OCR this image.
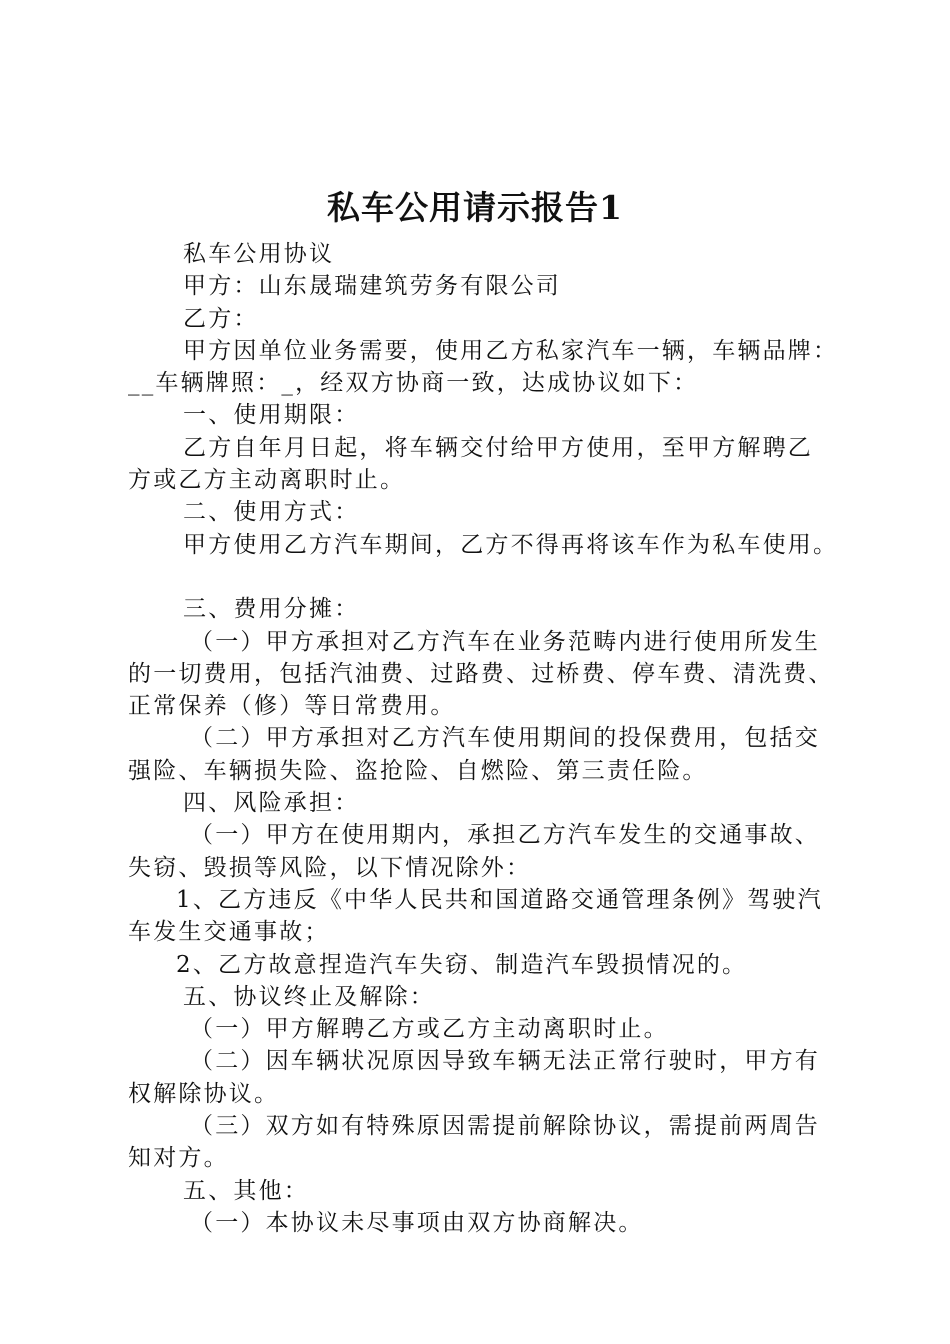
私车公用请示报告1

私车公用协议

甲方：山东晟瑞建筑劳务有限公司

乙方：

甲方因单位业务需要，使用乙方私家汽车一辆，车辆品牌：

__车辆牌照：_，经双方协商一致，达成协议如下：

一、使用期限：

乙方自年月日起，将车辆交付给甲方使用，至甲方解聘乙

方或乙方主动离职时止。

二、使用方式：

甲方使用乙方汽车期间，乙方不得再将该车作为私车使用。

三、费用分摊：

（一）甲方承担对乙方汽车在业务范畴内进行使用所发生

的一切费用，包括汽油费、过路费、过桥费、停车费、清洗费、

正常保养（修）等日常费用。

（二）甲方承担对乙方汽车使用期间的投保费用，包括交

强险、车辆损失险、盗抢险、自燃险、第三责任险。

四、风险承担：

（一）甲方在使用期内，承担乙方汽车发生的交通事故、

失窃、毁损等风险，以下情况除外：

1、乙方违反《中华人民共和国道路交通管理条例》驾驶汽

车发生交通事故；

2、乙方故意捏造汽车失窃、制造汽车毁损情况的。

五、协议终止及解除：

（一）甲方解聘乙方或乙方主动离职时止。

（二）因车辆状况原因导致车辆无法正常行驶时，甲方有

权解除协议。

（三）双方如有特殊原因需提前解除协议，需提前两周告

知对方。

五、其他：

（一）本协议未尽事项由双方协商解决。
